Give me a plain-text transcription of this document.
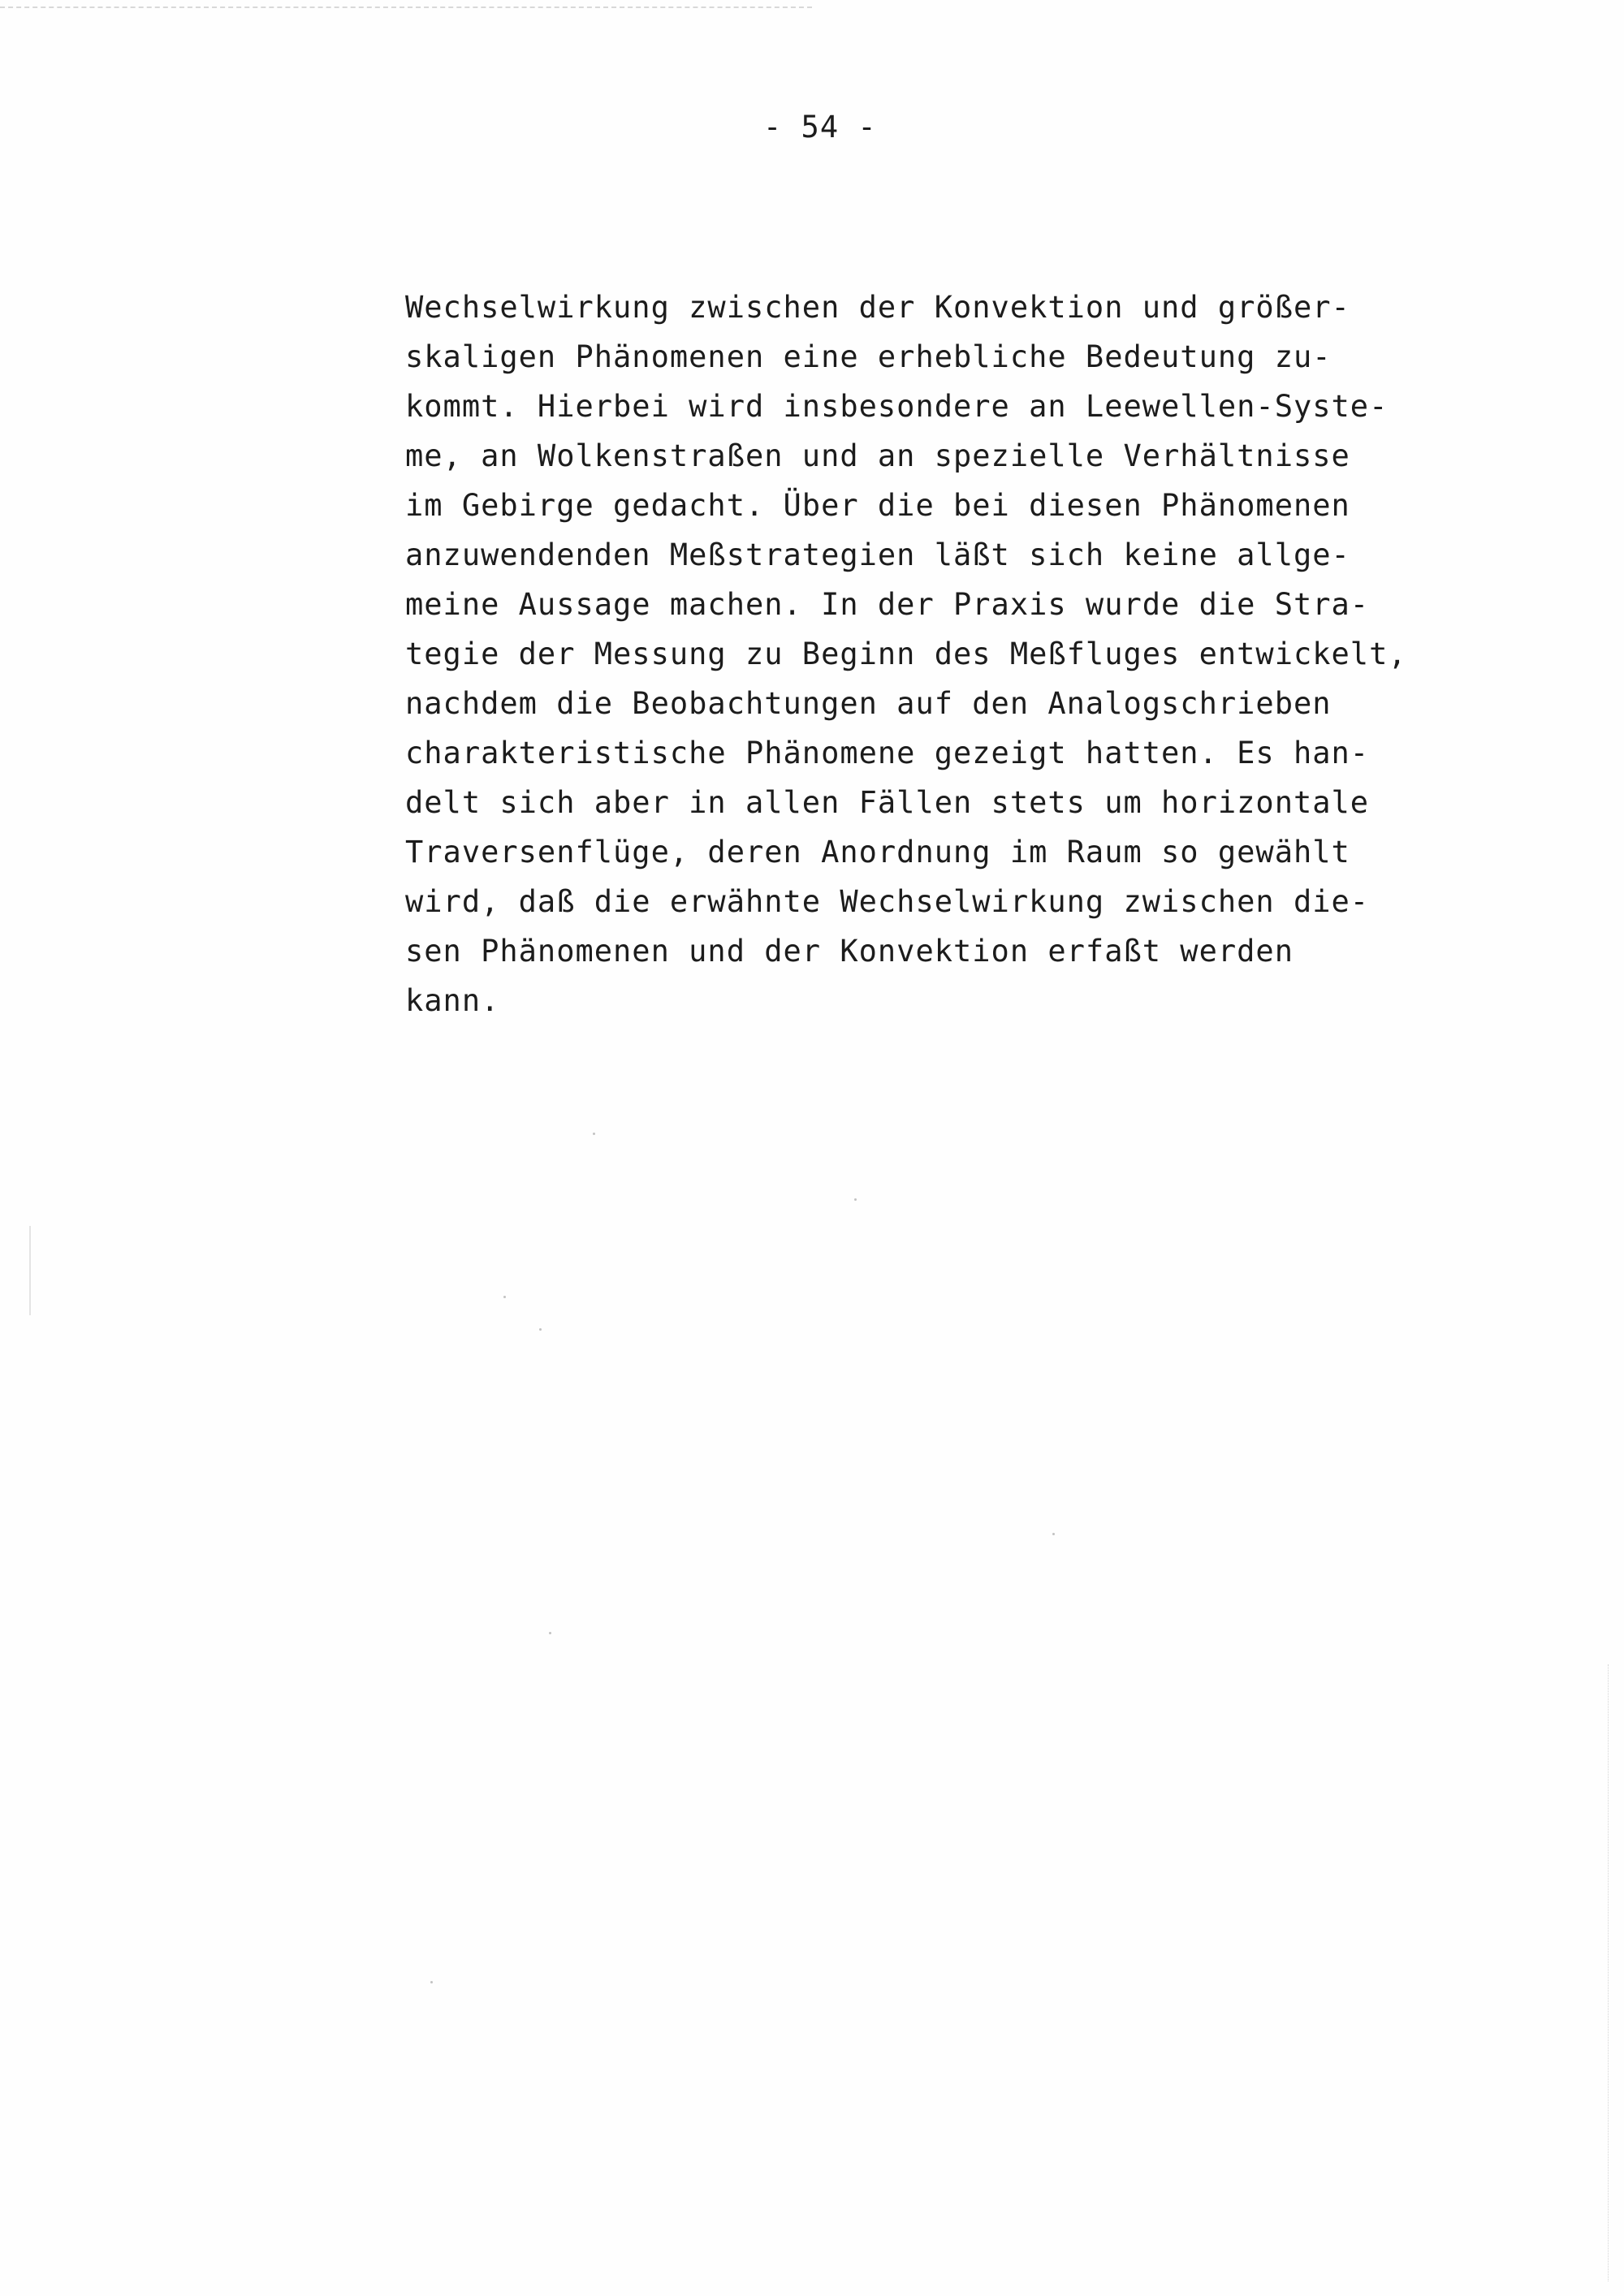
- 54 -
Wechselwirkung zwischen der Konvektion und größer-
skaligen Phänomenen eine erhebliche Bedeutung zu-
kommt. Hierbei wird insbesondere an Leewellen-Syste-
me, an Wolkenstraßen und an spezielle Verhältnisse
im Gebirge gedacht. Über die bei diesen Phänomenen
anzuwendenden Meßstrategien läßt sich keine allge-
meine Aussage machen. In der Praxis wurde die Stra-
tegie der Messung zu Beginn des Meßfluges entwickelt,
nachdem die Beobachtungen auf den Analogschrieben
charakteristische Phänomene gezeigt hatten. Es han-
delt sich aber in allen Fällen stets um horizontale
Traversenflüge, deren Anordnung im Raum so gewählt
wird, daß die erwähnte Wechselwirkung zwischen die-
sen Phänomenen und der Konvektion erfaßt werden
kann.
